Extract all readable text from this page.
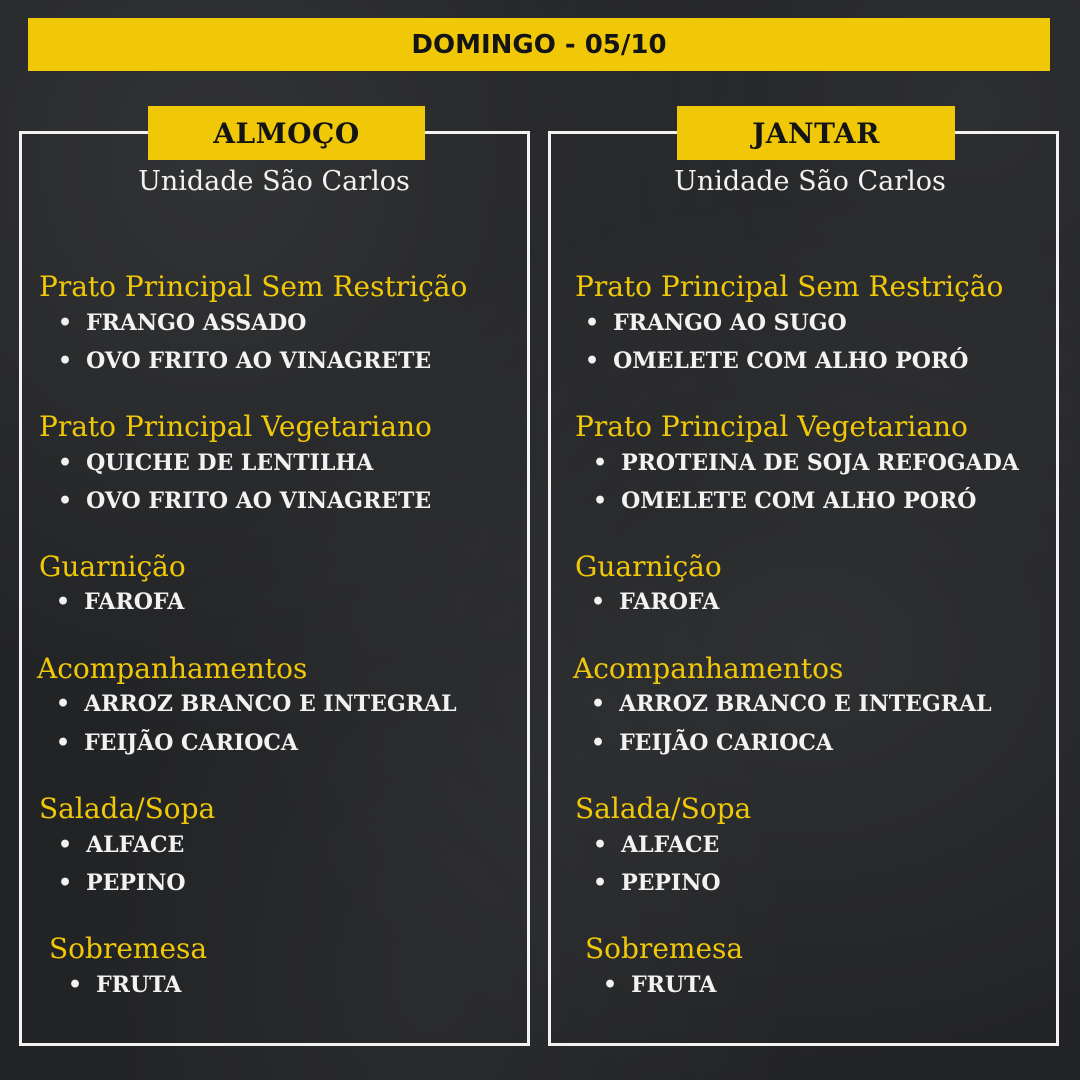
DOMINGO - 05/10
ALMOÇO
Unidade São Carlos
Prato Principal Sem Restrição
• FRANGO ASSADO
• OVO FRITO AO VINAGRETE
Prato Principal Vegetariano
• QUICHE DE LENTILHA
• OVO FRITO AO VINAGRETE
Guarnição
• FAROFA
Acompanhamentos
• ARROZ BRANCO E INTEGRAL
• FEIJÃO CARIOCA
Salada/Sopa
• ALFACE
• PEPINO
Sobremesa
• FRUTA
JANTAR
Unidade São Carlos
Prato Principal Sem Restrição
• FRANGO AO SUGO
• OMELETE COM ALHO PORÓ
Prato Principal Vegetariano
• PROTEINA DE SOJA REFOGADA
• OMELETE COM ALHO PORÓ
Guarnição
• FAROFA
Acompanhamentos
• ARROZ BRANCO E INTEGRAL
• FEIJÃO CARIOCA
Salada/Sopa
• ALFACE
• PEPINO
Sobremesa
• FRUTA
